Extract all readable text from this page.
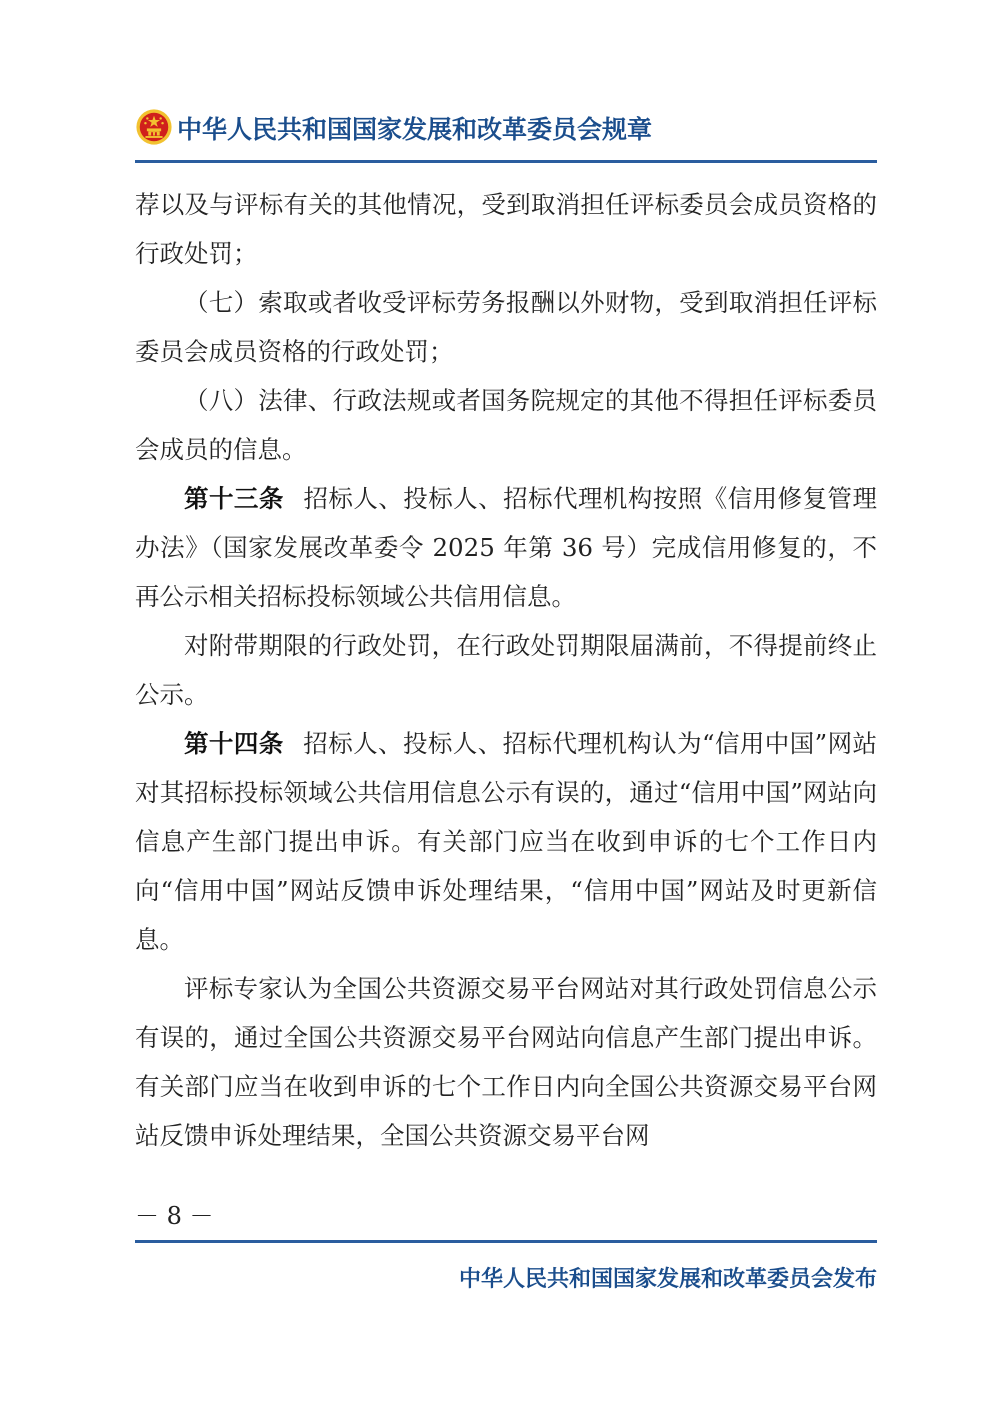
中华人民共和国国家发展和改革委员会规章

荐以及与评标有关的其他情况，受到取消担任评标委员会成员资格的行政处罚；

（七）索取或者收受评标劳务报酬以外财物，受到取消担任评标委员会成员资格的行政处罚；

（八）法律、行政法规或者国务院规定的其他不得担任评标委员会成员的信息。

第十三条 招标人、投标人、招标代理机构按照《信用修复管理办法》（国家发展改革委令 2025 年第 36 号）完成信用修复的，不再公示相关招标投标领域公共信用信息。

对附带期限的行政处罚，在行政处罚期限届满前，不得提前终止公示。

第十四条 招标人、投标人、招标代理机构认为“信用中国”网站对其招标投标领域公共信用信息公示有误的，通过“信用中国”网站向信息产生部门提出申诉。有关部门应当在收到申诉的七个工作日内向“信用中国”网站反馈申诉处理结果，“信用中国”网站及时更新信息。

评标专家认为全国公共资源交易平台网站对其行政处罚信息公示有误的，通过全国公共资源交易平台网站向信息产生部门提出申诉。有关部门应当在收到申诉的七个工作日内向全国公共资源交易平台网站反馈申诉处理结果，全国公共资源交易平台网

－ 8 －
中华人民共和国国家发展和改革委员会发布
